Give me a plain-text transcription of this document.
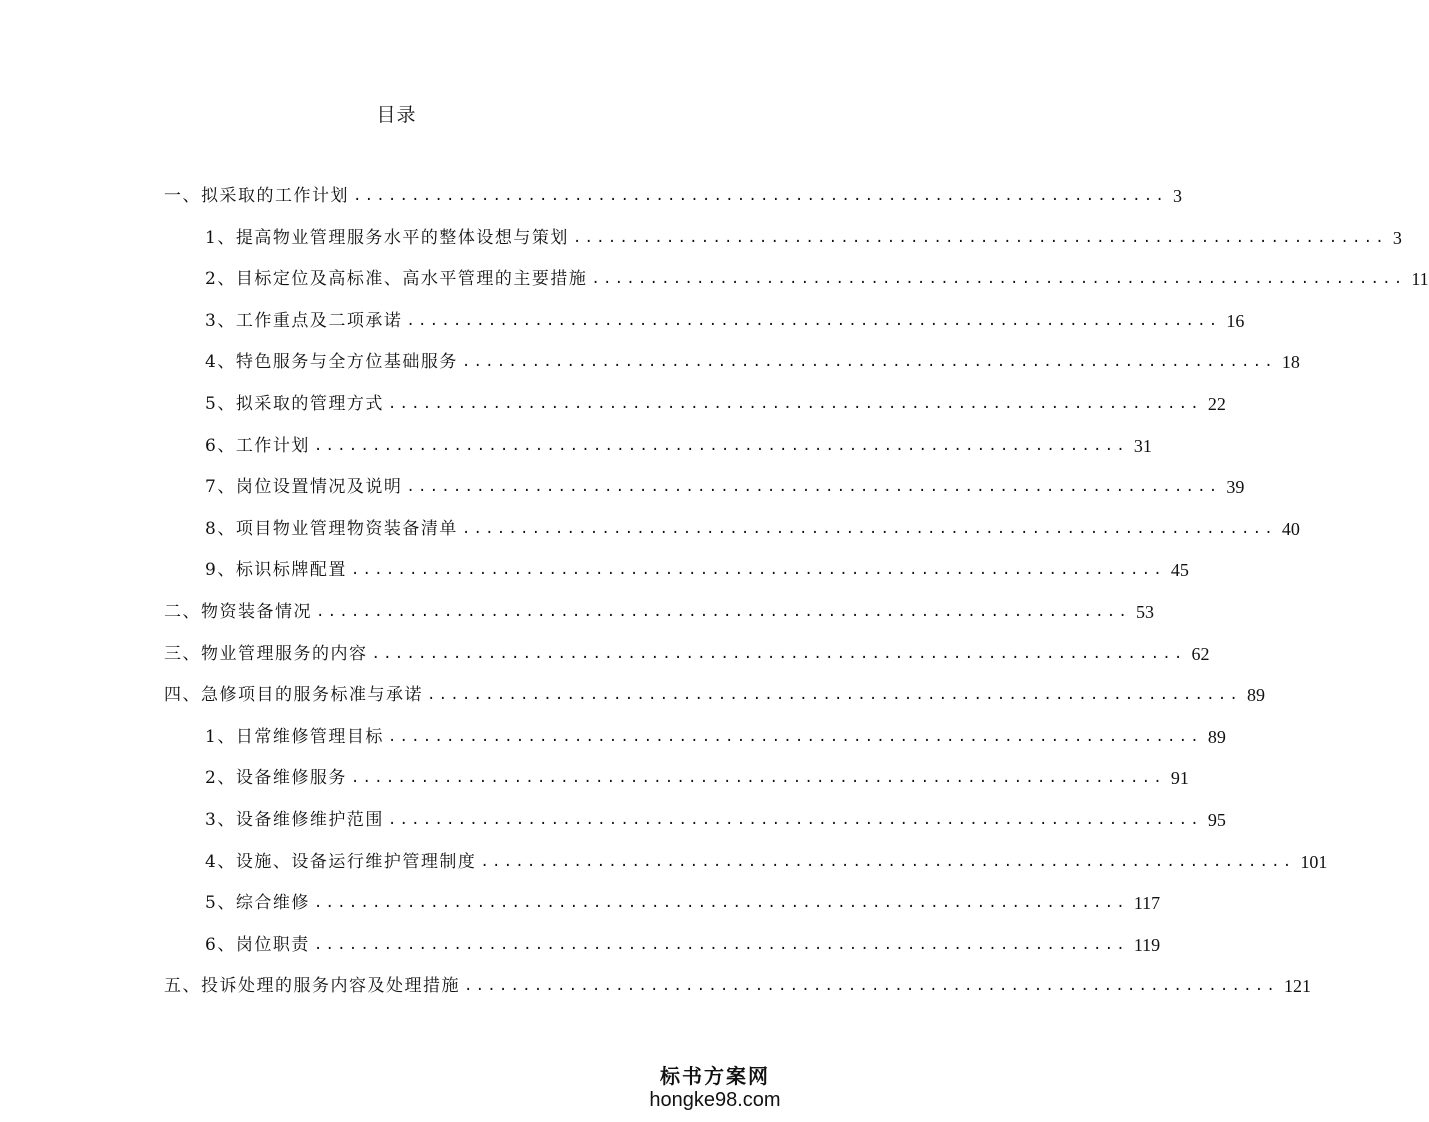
目录
一、拟采取的工作计划 ...................................................................... 3
1、提高物业管理服务水平的整体设想与策划 ...................................................................... 3
2、目标定位及高标准、高水平管理的主要措施 ...................................................................... 11
3、工作重点及二项承诺 ...................................................................... 16
4、特色服务与全方位基础服务 ...................................................................... 18
5、拟采取的管理方式 ...................................................................... 22
6、工作计划 ...................................................................... 31
7、岗位设置情况及说明 ...................................................................... 39
8、项目物业管理物资装备清单 ...................................................................... 40
9、标识标牌配置 ...................................................................... 45
二、物资装备情况 ...................................................................... 53
三、物业管理服务的内容 ...................................................................... 62
四、急修项目的服务标准与承诺 ...................................................................... 89
1、日常维修管理目标 ...................................................................... 89
2、设备维修服务 ...................................................................... 91
3、设备维修维护范围 ...................................................................... 95
4、设施、设备运行维护管理制度 ...................................................................... 101
5、综合维修 ...................................................................... 117
6、岗位职责 ...................................................................... 119
五、投诉处理的服务内容及处理措施 ...................................................................... 121
标书方案网
hongke98.com
